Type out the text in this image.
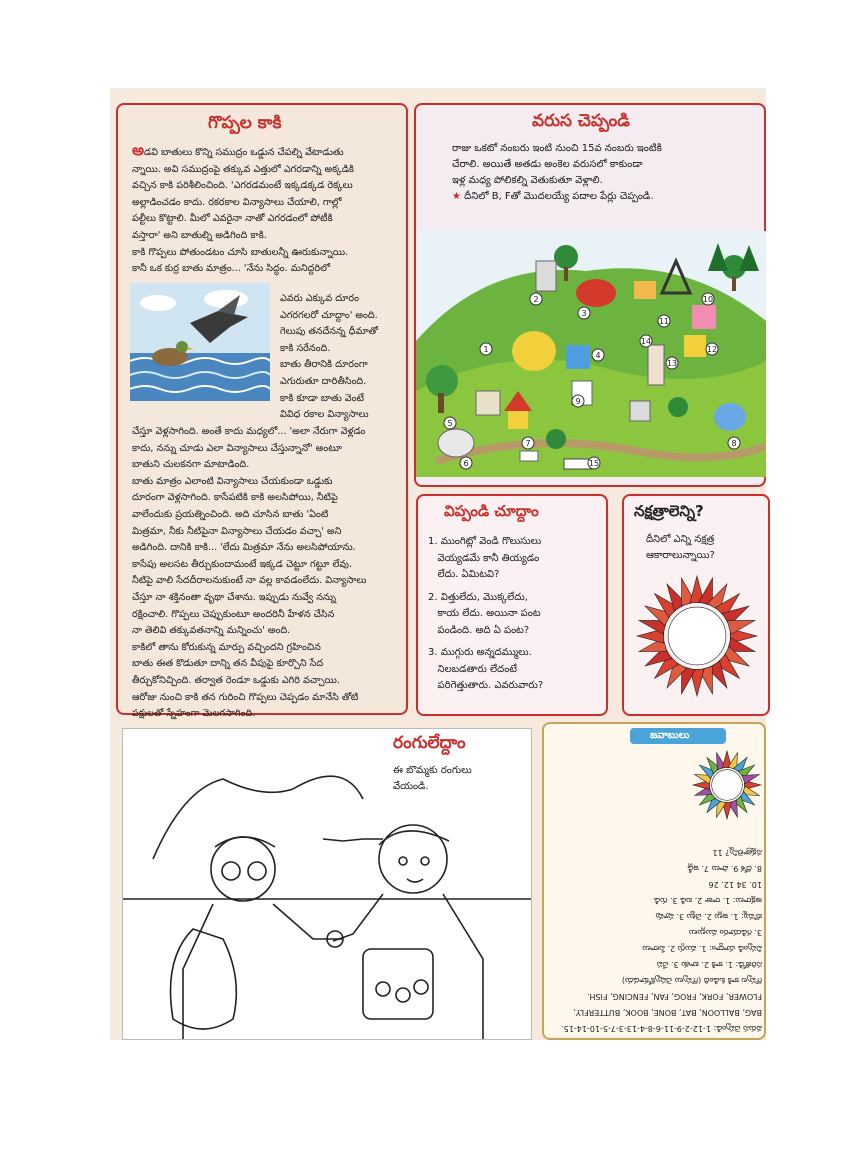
గొప్పల కాకి
అడవి బాతులు కొన్ని సముద్రం ఒడ్డున చేపల్ని వేటాడుతు
న్నాయి. అవి సముద్రంపై తక్కువ ఎత్తులో ఎగరడాన్ని అక్కడికి
వచ్చిన కాకి పరిశీలించింది. 'ఎగరడమంటే ఇక్కడక్కడ రెక్కలు
అల్లాడించడం కాదు. రకరకాల విన్యాసాలు చేయాలి, గాల్లో
పల్టీలు కొట్టాలి. మీలో ఎవరైనా నాతో ఎగరడంలో పోటీకి
వస్తారా' అని బాతుల్ని అడిగింది కాకి.
కాకి గొప్పలు పోతుండటం చూసి బాతులన్నీ ఊరుకున్నాయి.
కానీ ఒక కుర్ర బాతు మాత్రం... 'నేను సిద్ధం. మనిద్దరిలో
ఎవరు ఎక్కువ దూరం
ఎగరగలరో చూద్దాం' అంది.
గెలుపు తనదేనన్న ధీమాతో
కాకి సరేనంది.
బాతు తీరానికి దూరంగా
ఎగురుతూ దారితీసింది.
కాకి కూడా బాతు వెంటే
వివిధ రకాల విన్యాసాలు
చేస్తూ వెళ్లసాగింది. అంతే కాదు మధ్యలో... 'అలా నేరుగా వెళ్లడం
కాదు, నన్ను చూడు ఎలా విన్యాసాలు చేస్తున్నానో' అంటూ
బాతుని చులకనగా మాటాడింది.
బాతు మాత్రం ఎలాంటి విన్యాసాలు చేయకుండా ఒడ్డుకు
దూరంగా వెళ్లసాగింది. కాసేపటికి కాకి అలసిపోయి, నీటిపై
వాలేందుకు ప్రయత్నించింది. అది చూసిన బాతు 'ఏంటి
మిత్రమా, నీకు నీటిపైనా విన్యాసాలు చేయడం వచ్చా' అని
అడిగింది. దానికి కాకి... 'లేదు మిత్రమా నేను అలసిపోయాను.
కాసేపు అలసట తీర్చుకుందామంటే ఇక్కడ చెట్టూ గట్టూ లేవు.
నీటిపై వాలి సేదదీరాలనుకుంటే నా వల్ల కావడంలేదు. విన్యాసాలు
చేస్తూ నా శక్తినంతా వృథా చేశాను. ఇప్పుడు నువ్వే నన్ను
రక్షించాలి. గొప్పలు చెప్పుకుంటూ అందరినీ హేళన చేసిన
నా తెలివి తక్కువతనాన్ని మన్నించు' అంది.
కాకిలో తాను కోరుకున్న మార్పు వచ్చిందని గ్రహించిన
బాతు ఈత కొడుతూ దాన్ని తన వీపుపై కూర్చొని సేద
తీర్చుకోనిచ్చింది. తర్వాత రెండూ ఒడ్డుకు ఎగిరి వచ్చాయి.
ఆరోజు నుంచి కాకి తన గురించి గొప్పలు చెప్పడం మానేసి తోటి
పక్షులతో స్నేహంగా మెలగసాగింది.
వరుస చెప్పండి
రాజు ఒకటో నంబరు ఇంటి నుంచి 15వ నంబరు ఇంటికి
చేరాలి. అయితే అతడు అంకెల వరుసలో కాకుండా
ఇళ్ల మధ్య పోలికల్ని వెతుకుతూ వెళ్లాలి.
★ దీనిలో B, Fతో మొదలయ్యే పదాల పేర్లు చెప్పండి.
1
2
3
4
5
6
7	8
9
10
11
12
13
14
15
విప్పండి చూద్దాం
1. ముంగిట్లో వెండి గొలుసులు
వెయ్యడమే కానీ తియ్యడం
లేదు. ఏమిటవి?
2. విత్తులేదు, మొక్కలేదు,
కాయ లేదు. అయినా పంట
పండింది. అది ఏ పంట?
3. ముగ్గురు అన్నదమ్ములు.
నిలబడతారు లేదంటే
పరిగెత్తుతారు. ఎవరువారు?
నక్షత్రాలెన్ని?
దీనిలో ఎన్ని నక్షత్ర
ఆకారాలున్నాయి?
రంగులేద్దాం
ఈ బొమ్మకు రంగులు
వేయండి.
జవాబులు
వరుస చెప్పండి: 1-12-2-9-11-6-8-4-13-3-7-5-10-14-15.
BAG, BALLOON, BAT, BONE, BOOK, BUTTERFLY,
FLOWER, FORK, FROG, FAN, FENCING, FISH.
గొప్పల కాకి ఓడింది (గొప్పలు చెప్పుకోకూడదు)
సరిజోడి: 1. కాకి 2. బాతు 3. చేప
విప్పండి చూద్దాం: 1. ముగ్గు 2. పేలాలు
3. గడియారం ముల్లులు
బొమ్మ: 1. ఇల్లు 2. చెట్టు 3. పూవు
అక్షరాలు: 1. రాజు 2. బడి 3. గుడి
10. 34 12. 26
8. దోశ 9. పాలు 7. ఇడ్లీ
నక్షత్రాలెన్ని? 11
